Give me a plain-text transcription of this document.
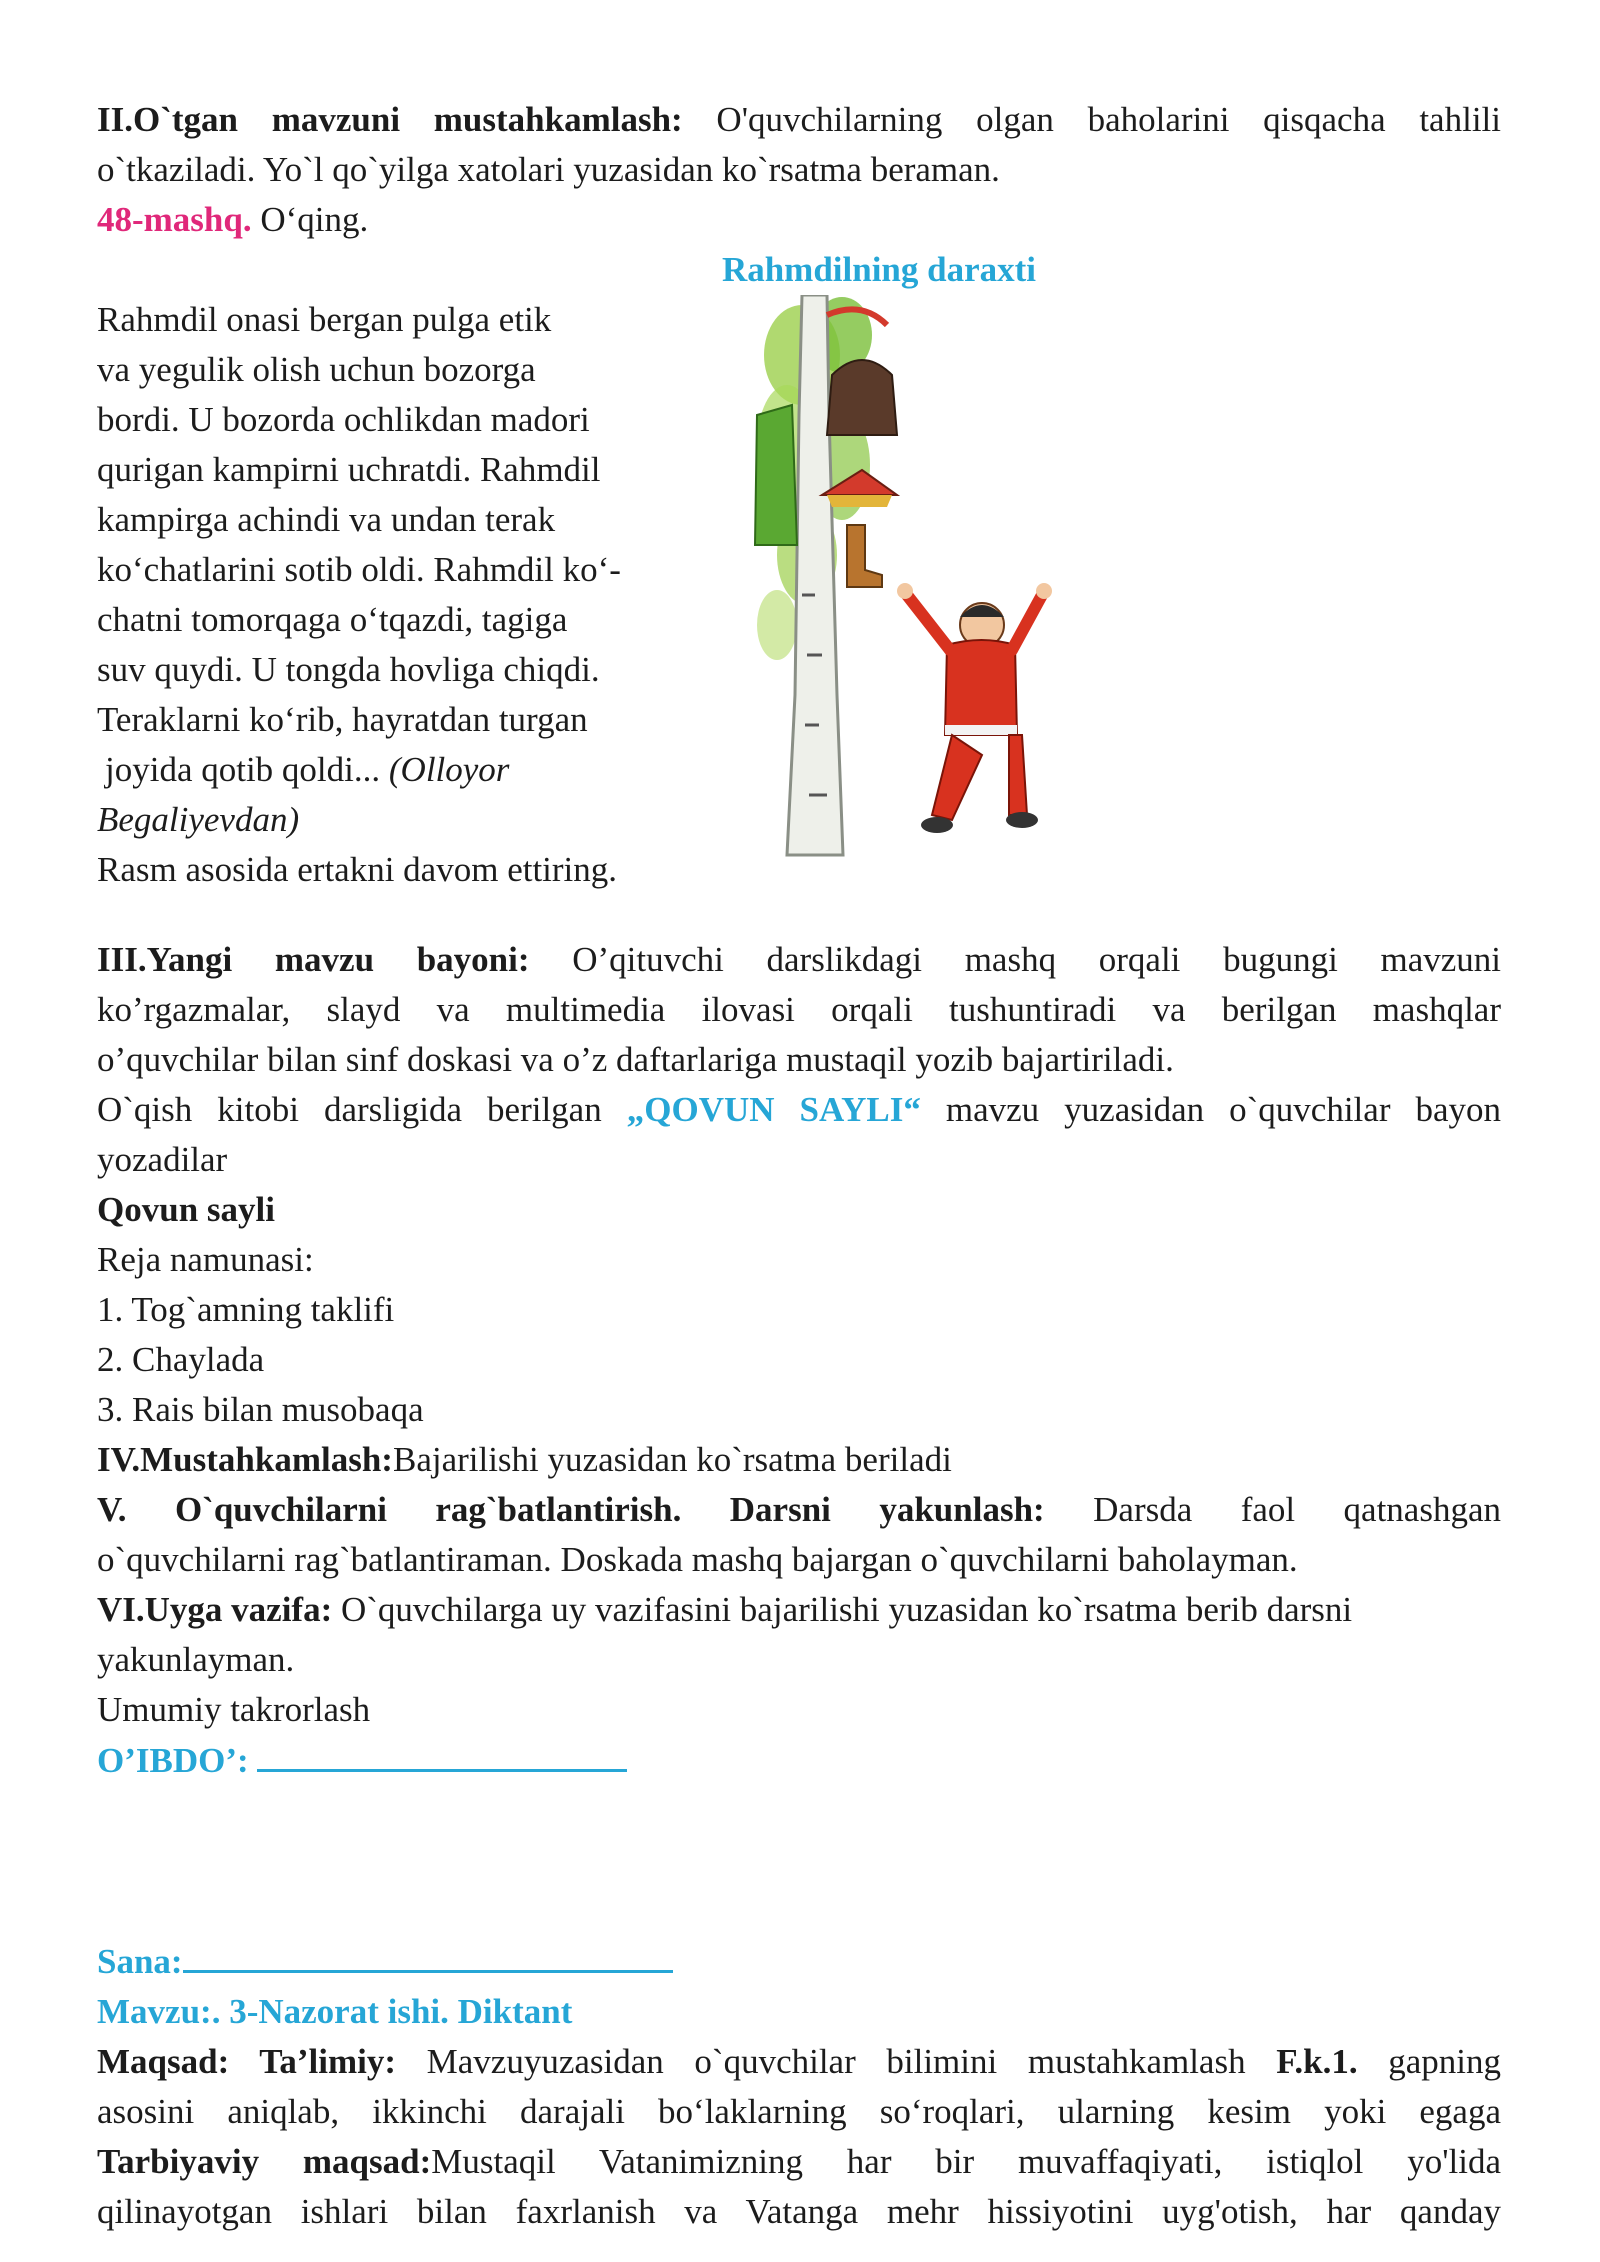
II.O`tgan mavzuni mustahkamlash: O'quvchilarning olgan baholarini qisqacha tahlili

o`tkaziladi. Yo`l qo`yilga xatolari yuzasidan ko`rsatma beraman.

48-mashq. O‘qing.

Rahmdilning daraxti

Rahmdil onasi bergan pulga etik

va yegulik olish uchun bozorga

bordi. U bozorda ochlikdan madori

qurigan kampirni uchratdi. Rahmdil

kampirga achindi va undan terak

ko‘chatlarini sotib oldi. Rahmdil ko‘-

chatni tomorqaga o‘tqazdi, tagiga

suv quydi. U tongda hovliga chiqdi.

Teraklarni ko‘rib, hayratdan turgan

joyida qotib qoldi... (Olloyor

Begaliyevdan)

Rasm asosida ertakni davom ettiring.

III.Yangi mavzu bayoni: O’qituvchi darslikdagi mashq orqali bugungi mavzuni

ko’rgazmalar, slayd va multimedia ilovasi orqali tushuntiradi va berilgan mashqlar

o’quvchilar bilan sinf doskasi va o’z daftarlariga mustaqil yozib bajartiriladi.

O`qish kitobi darsligida berilgan „QOVUN SAYLI“ mavzu yuzasidan o`quvchilar bayon

yozadilar

Qovun sayli

Reja namunasi:

1. Tog`amning taklifi

2. Chaylada

3. Rais bilan musobaqa

IV.Mustahkamlash:Bajarilishi yuzasidan ko`rsatma beriladi

V. O`quvchilarni rag`batlantirish. Darsni yakunlash: Darsda faol qatnashgan

o`quvchilarni rag`batlantiraman. Doskada mashq bajargan o`quvchilarni baholayman.

VI.Uyga vazifa: O`quvchilarga uy vazifasini bajarilishi yuzasidan ko`rsatma berib darsni

yakunlayman.

Umumiy takrorlash

O’IBDO’:

Sana:

Mavzu:. 3-Nazorat ishi. Diktant

Maqsad: Ta’limiy: Mavzuyuzasidan o`quvchilar bilimini mustahkamlash F.k.1. gapning

asosini aniqlab, ikkinchi darajali bo‘laklarning so‘roqlari, ularning kesim yoki egaga

Tarbiyaviy maqsad:Mustaqil Vatanimizning har bir muvaffaqiyati, istiqlol yo'lida

qilinayotgan ishlari bilan faxrlanish va Vatanga mehr hissiyotini uyg'otish, har qanday
